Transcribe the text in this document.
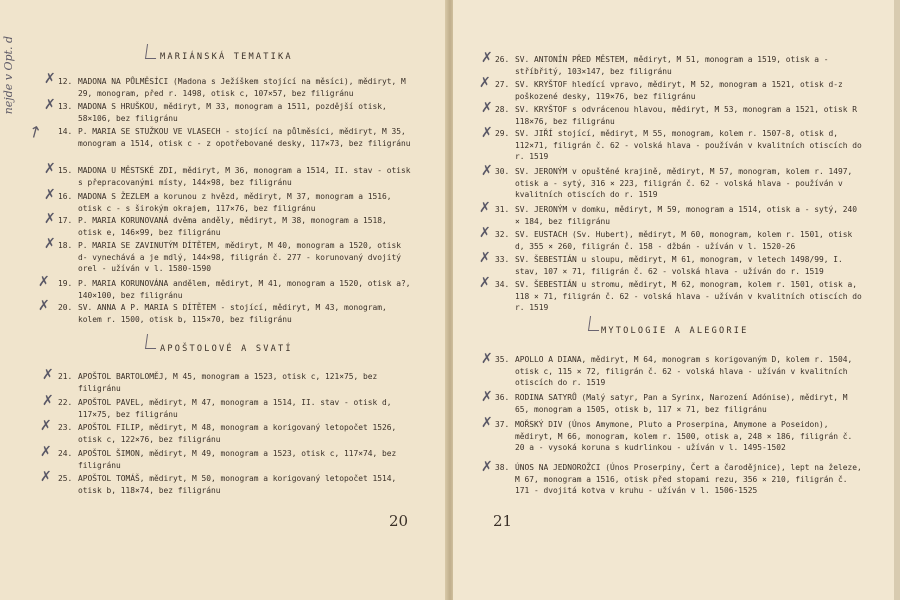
nejde v Opt. d
↗
MARIÁNSKÁ TEMATIKA
APOŠTOLOVÉ A SVATÍ
20
12. MADONA NA PŮLMĚSÍCI (Madona s Ježíškem stojící na měsíci), mědiryt, M 29, monogram, před r. 1498, otisk c, 107×57, bez filigránu
✗
13. MADONA S HRUŠKOU, mědiryt, M 33, monogram a 1511, pozdější otisk, 58×106, bez filigránu
✗
14. P. MARIA SE STUŽKOU VE VLASECH - stojící na půlměsíci, mědiryt, M 35, monogram a 1514, otisk c - z opotřebované desky, 117×73, bez filigránu
15. MADONA U MĚSTSKÉ ZDI, mědiryt, M 36, monogram a 1514, II. stav - otisk s přepracovanými místy, 144×98, bez filigránu
✗
16. MADONA S ŽEZLEM a korunou z hvězd, mědiryt, M 37, monogram a 1516, otisk c - s širokým okrajem, 117×76, bez filigránu
✗
17. P. MARIA KORUNOVANÁ dvěma anděly, mědiryt, M 38, monogram a 1518, otisk e, 146×99, bez filigránu
✗
18. P. MARIA SE ZAVINUTÝM DÍTĚTEM, mědiryt, M 40, monogram a 1520, otisk d- vynechává a je mdlý, 144×98, filigrán č. 277 - korunovaný dvojitý orel - užíván v l. 1580-1590
✗
19. P. MARIA KORUNOVÁNA andělem, mědiryt, M 41, monogram a 1520, otisk a?, 140×100, bez filigránu
✗
20. SV. ANNA A P. MARIA S DÍTĚTEM - stojící, mědiryt, M 43, monogram, kolem r. 1500, otisk b, 115×70, bez filigránu
✗
21. APOŠTOL BARTOLOMĚJ, M 45, monogram a 1523, otisk c, 121×75, bez filigránu
✗
22. APOŠTOL PAVEL, mědiryt, M 47, monogram a 1514, II. stav - otisk d, 117×75, bez filigránu
✗
23. APOŠTOL FILIP, mědiryt, M 48, monogram a korigovaný letopočet 1526, otisk c, 122×76, bez filigránu
✗
24. APOŠTOL ŠIMON, mědiryt, M 49, monogram a 1523, otisk c, 117×74, bez filigránu
✗
25. APOŠTOL TOMÁŠ, mědiryt, M 50, monogram a korigovaný letopočet 1514, otisk b, 118×74, bez filigránu
✗
MYTOLOGIE A ALEGORIE
21
26. SV. ANTONÍN PŘED MĚSTEM, mědiryt, M 51, monogram a 1519, otisk a - stříbřitý, 103×147, bez filigránu
✗
27. SV. KRYŠTOF hledící vpravo, mědiryt, M 52, monogram a 1521, otisk d-z poškozené desky, 119×76, bez filigránu
✗
28. SV. KRYŠTOF s odvrácenou hlavou, mědiryt, M 53, monogram a 1521, otisk R 118×76, bez filigránu
✗
29. SV. JIŘÍ stojící, mědiryt, M 55, monogram, kolem r. 1507-8, otisk d, 112×71, filigrán č. 62 - volská hlava - používán v kvalitních otiscích do r. 1519
✗
30. SV. JERONÝM v opuštěné krajině, mědiryt, M 57, monogram, kolem r. 1497, otisk a - sytý, 316 × 223, filigrán č. 62 - volská hlava - používán v kvalitních otiscích do r. 1519
✗
31. SV. JERONÝM v domku, mědiryt, M 59, monogram a 1514, otisk a - sytý, 240 × 184, bez filigránu
✗
32. SV. EUSTACH (Sv. Hubert), mědiryt, M 60, monogram, kolem r. 1501, otisk d, 355 × 260, filigrán č. 158 - džbán - užíván v l. 1520-26
✗
33. SV. ŠEBESTIÁN u sloupu, mědiryt, M 61, monogram, v letech 1498/99, I. stav, 107 × 71, filigrán č. 62 - volská hlava - užíván do r. 1519
✗
34. SV. ŠEBESTIÁN u stromu, mědiryt, M 62, monogram, kolem r. 1501, otisk a, 118 × 71, filigrán č. 62 - volská hlava - užíván v kvalitních otiscích do r. 1519
✗
35. APOLLO A DIANA, mědiryt, M 64, monogram s korigovaným D, kolem r. 1504, otisk c, 115 × 72, filigrán č. 62 - volská hlava - užíván v kvalitních otiscích do r. 1519
✗
36. RODINA SATYRŮ (Malý satyr, Pan a Syrinx, Narození Adónise), mědiryt, M 65, monogram a 1505, otisk b, 117 × 71, bez filigránu
✗
37. MOŘSKÝ DIV (Únos Amymone, Pluto a Proserpina, Amymone a Poseidon), mědiryt, M 66, monogram, kolem r. 1500, otisk a, 248 × 186, filigrán č. 20 a - vysoká koruna s kudrlinkou - užíván v l. 1495-1502
✗
38. ÚNOS NA JEDNOROŽCI (Únos Proserpiny, Čert a čarodějnice), lept na železe, M 67, monogram a 1516, otisk před stopami rezu, 356 × 210, filigrán č. 171 - dvojitá kotva v kruhu - užíván v l. 1506-1525
✗
